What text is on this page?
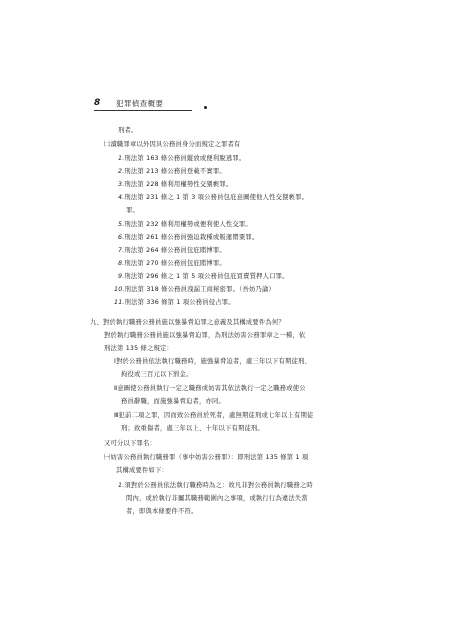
8 犯罪偵查概要
刑者。
㈡瀆職罪章以外因具公務員身分而規定之罪者有
1.刑法第 163 條公務員縱放或便利脫逃罪。
2.刑法第 213 條公務員登載不實罪。
3.刑法第 228 條利用權勢性交猥褻罪。
4.刑法第 231 條之 1 第 3 項公務員包庇意圖使他人性交猥褻罪。
罪。
5.刑法第 232 條利用權勢或便利使人性交罪。
6.刑法第 261 條公務員強迫栽種或販運罌粟罪。
7.刑法第 264 條公務員包庇賭博罪。
8.刑法第 270 條公務員包庇賭博罪。
9.刑法第 296 條之 1 第 5 項公務員包庇買賣質押人口罪。
10.刑法第 318 條公務員洩漏工商秘密罪。（吾妨乃論）
11.刑法第 336 條第 1 項公務員侵占罪。
九、對於執行職務公務員施以強暴脅迫罪之意義及其構成要件為何？
對於執行職務公務員施以強暴脅迫罪，為刑法妨害公務罪章之一種，依
刑法第 135 條之規定：
Ⅰ對於公務員依法執行職務時，施強暴脅迫者，處三年以下有期徒刑、
拘役或三百元以下罰金。
Ⅱ意圖使公務員執行一定之職務或妨害其依法執行一定之職務或使公
務員辭職，而施強暴脅迫者，亦同。
Ⅲ犯前二項之罪，因而致公務員於死者，處無期徒刑或七年以上有期徒
刑；致重傷者，處三年以上、十年以下有期徒刑。
又可分以下罪名：
㈠妨害公務員執行職務罪（事中妨害公務罪）：即刑法第 135 條第 1 項
其構成要件如下：
1.須對於公務員依法執行職務時為之：故凡非對公務員執行職務之時
間內，或於執行非屬其職務範圍內之事項，或執行行為違法失當
者，即與本條要件不符。
